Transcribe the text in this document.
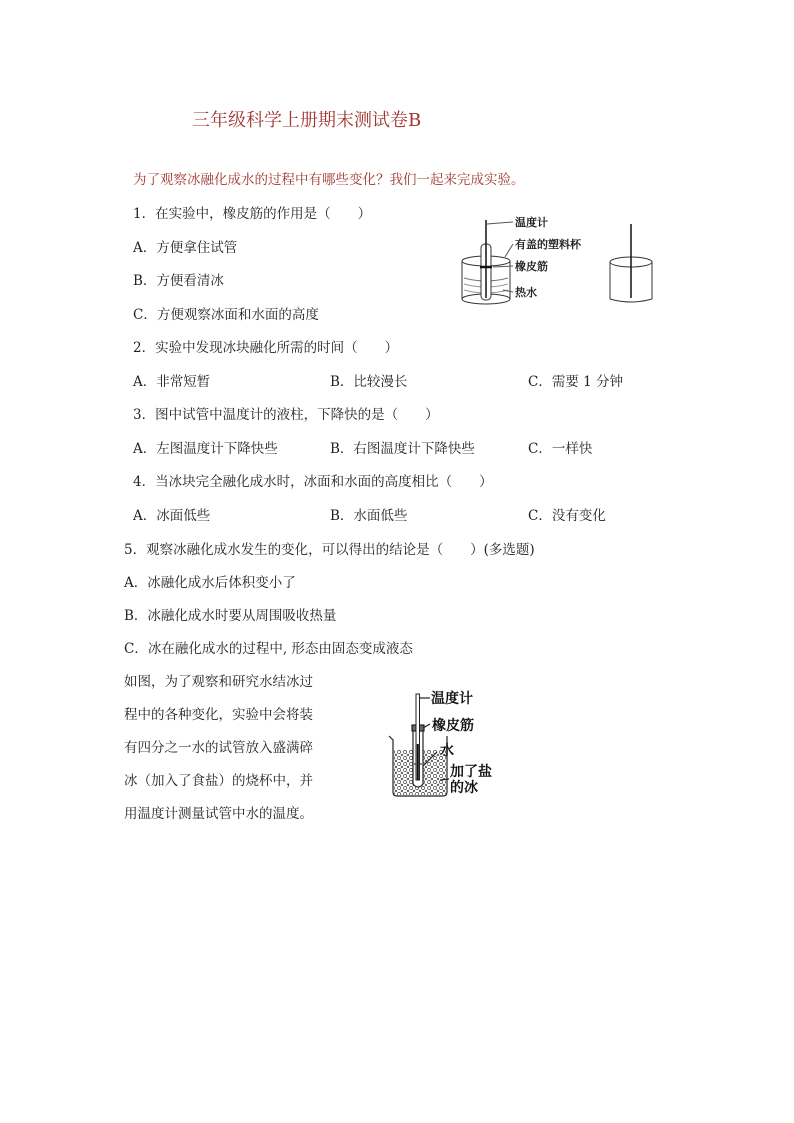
三年级科学上册期末测试卷B
为了观察冰融化成水的过程中有哪些变化？我们一起来完成实验。
1．在实验中，橡皮筋的作用是（　　）
A．方便拿住试管
B．方便看清冰
C．方便观察冰面和水面的高度
2．实验中发现冰块融化所需的时间（　　）
A．非常短暂	B．比较漫长	C．需要 1 分钟
3．图中试管中温度计的液柱，下降快的是（　　）
A．左图温度计下降快些	B．右图温度计下降快些	C．一样快
4．当冰块完全融化成水时，冰面和水面的高度相比（　　）
A．冰面低些	B．水面低些	C．没有变化
5．观察冰融化成水发生的变化，可以得出的结论是（　　）(多选题)
A．冰融化成水后体积变小了
B．冰融化成水时要从周围吸收热量
C．冰在融化成水的过程中, 形态由固态变成液态
如图，为了观察和研究水结冰过
程中的各种变化，实验中会将装
有四分之一水的试管放入盛满碎
冰（加入了食盐）的烧杯中，并
用温度计测量试管中水的温度。
温度计
有盖的塑料杯
橡皮筋
热水
温度计
橡皮筋
水
加了盐
的冰
